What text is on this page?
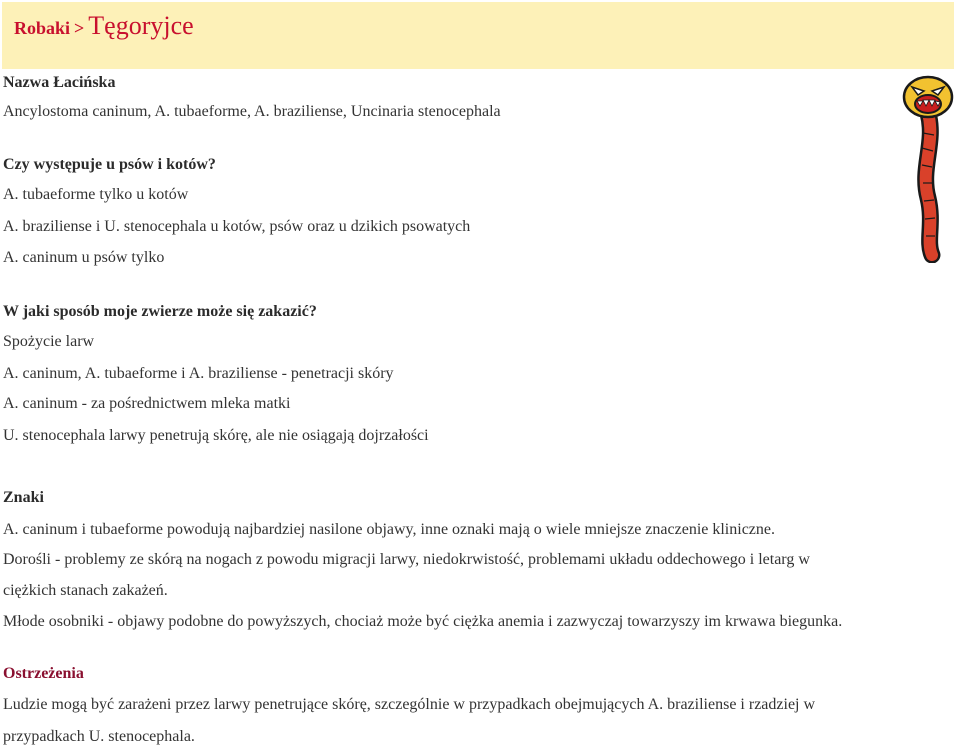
Robaki > Tęgoryjce
Nazwa Łacińska
Ancylostoma caninum, A. tubaeforme, A. braziliense, Uncinaria stenocephala
Czy występuje u psów i kotów?
A. tubaeforme tylko u kotów
A. braziliense i U. stenocephala u kotów, psów oraz u dzikich psowatych
A. caninum u psów tylko
W jaki sposób moje zwierze może się zakazić?
Spożycie larw
A. caninum, A. tubaeforme i A. braziliense - penetracji skóry
A. caninum - za pośrednictwem mleka matki
U. stenocephala larwy penetrują skórę, ale nie osiągają dojrzałości
Znaki
A. caninum i tubaeforme powodują najbardziej nasilone objawy, inne oznaki mają o wiele mniejsze znaczenie kliniczne.
Dorośli - problemy ze skórą na nogach z powodu migracji larwy, niedokrwistość, problemami układu oddechowego i letarg w
ciężkich stanach zakażeń.
Młode osobniki - objawy podobne do powyższych, chociaż może być ciężka anemia i zazwyczaj towarzyszy im krwawa biegunka.
Ostrzeżenia
Ludzie mogą być zarażeni przez larwy penetrujące skórę, szczególnie w przypadkach obejmujących A. braziliense i rzadziej w
przypadkach U. stenocephala.
